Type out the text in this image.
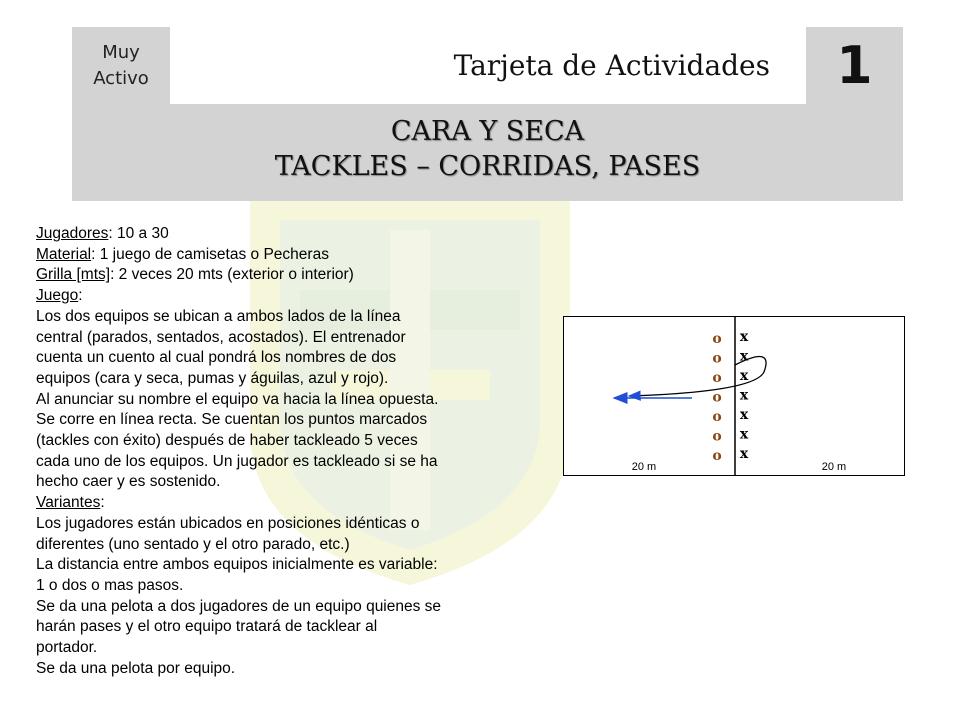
Muy
Activo	Tarjeta de Actividades	1
CARA Y SECA
TACKLES – CORRIDAS, PASES
Jugadores: 10 a 30
Material: 1 juego de camisetas o Pecheras
Grilla [mts]: 2 veces 20 mts (exterior o interior)
Juego:
Los dos equipos se ubican a ambos lados de la línea
central (parados, sentados, acostados). El entrenador
cuenta un cuento al cual pondrá los nombres de dos
equipos (cara y seca, pumas y águilas, azul y rojo).
Al anunciar su nombre el equipo va hacia la línea opuesta.
Se corre en línea recta. Se cuentan los puntos marcados
(tackles con éxito) después de haber tackleado 5 veces
cada uno de los equipos. Un jugador es tackleado si se ha
hecho caer y es sostenido.
Variantes:
Los jugadores están ubicados en posiciones idénticas o
diferentes (uno sentado y el otro parado, etc.)
La distancia entre ambos equipos inicialmente es variable:
1 o dos o mas pasos.
Se da una pelota a dos jugadores de un equipo quienes se
harán pases y el otro equipo tratará de tacklear al
portador.
Se da una pelota por equipo.
20 m	20 m
o
o
o
o
o
o
o
x
x
x
x
x
x
x
